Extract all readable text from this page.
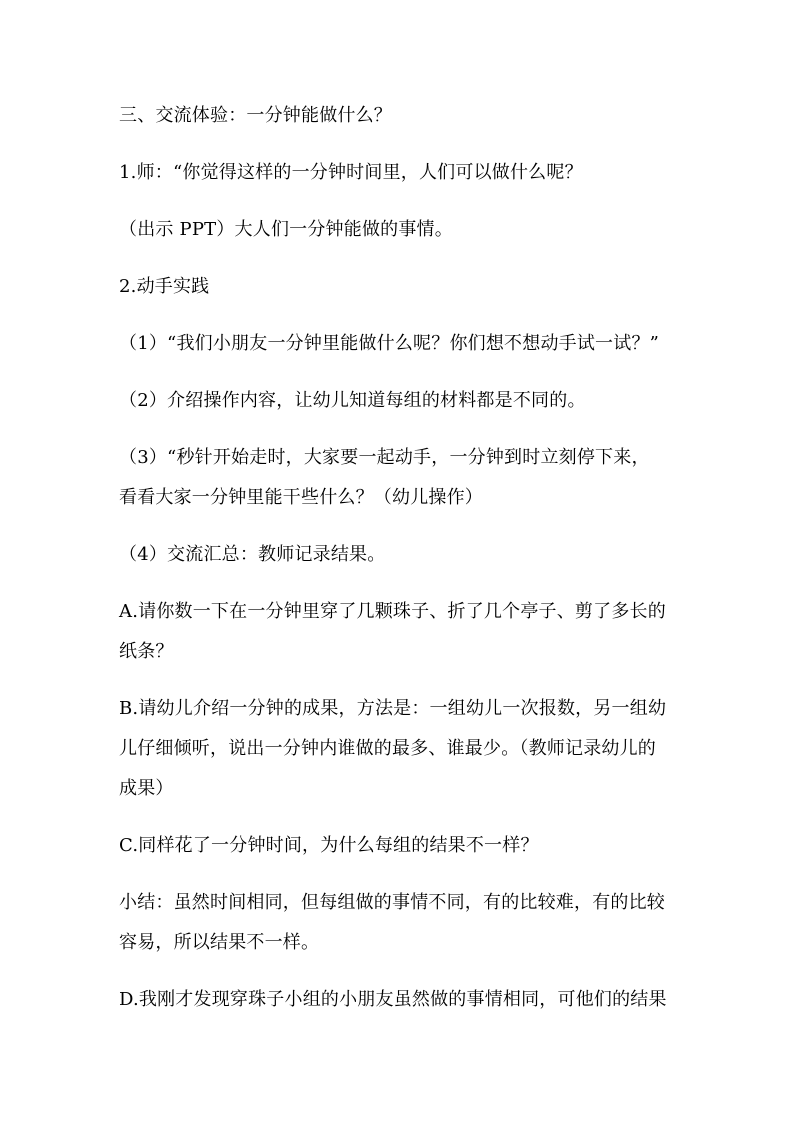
三、交流体验：一分钟能做什么？
1.师：“你觉得这样的一分钟时间里，人们可以做什么呢？
（出示 PPT）大人们一分钟能做的事情。
2.动手实践
（1）“我们小朋友一分钟里能做什么呢？你们想不想动手试一试？”
（2）介绍操作内容，让幼儿知道每组的材料都是不同的。
（3）“秒针开始走时，大家要一起动手，一分钟到时立刻停下来，
看看大家一分钟里能干些什么？（幼儿操作）
（4）交流汇总：教师记录结果。
A.请你数一下在一分钟里穿了几颗珠子、折了几个亭子、剪了多长的
纸条？
B.请幼儿介绍一分钟的成果，方法是：一组幼儿一次报数，另一组幼
儿仔细倾听，说出一分钟内谁做的最多、谁最少。（教师记录幼儿的
成果）
C.同样花了一分钟时间，为什么每组的结果不一样？
小结：虽然时间相同，但每组做的事情不同，有的比较难，有的比较
容易，所以结果不一样。
D.我刚才发现穿珠子小组的小朋友虽然做的事情相同，可他们的结果
